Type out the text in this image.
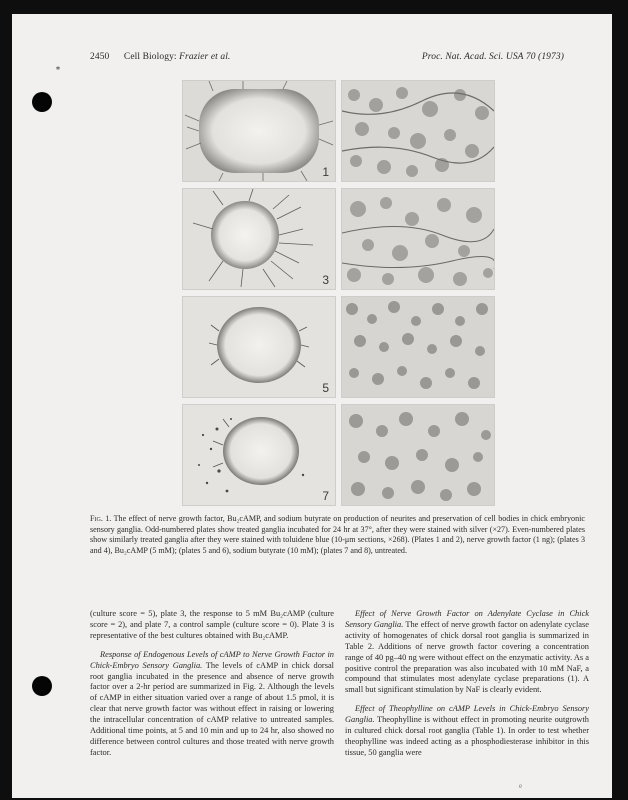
⁎
2450 Cell Biology: Frazier et al.	Proc. Nat. Acad. Sci. USA 70 (1973)
1
3
5
7
Fig. 1. The effect of nerve growth factor, Bu₂cAMP, and sodium butyrate on production of neurites and preservation of cell bodies in chick embryonic sensory ganglia. Odd-numbered plates show treated ganglia incubated for 24 hr at 37°, after they were stained with silver (×27). Even-numbered plates show similarly treated ganglia after they were stained with toluidene blue (10-μm sections, ×268). (Plates 1 and 2), nerve growth factor (1 ng); (plates 3 and 4), Bu₂cAMP (5 mM); (plates 5 and 6), sodium butyrate (10 mM); (plates 7 and 8), untreated.

(culture score = 5), plate 3, the response to 5 mM Bu₂cAMP (culture score = 2), and plate 7, a control sample (culture score = 0). Plate 3 is representative of the best cultures obtained with Bu₂cAMP.

Response of Endogenous Levels of cAMP to Nerve Growth Factor in Chick-Embryo Sensory Ganglia. The levels of cAMP in chick dorsal root ganglia incubated in the presence and absence of nerve growth factor over a 2-hr period are summarized in Fig. 2. Although the levels of cAMP in either situation varied over a range of about 1.5 pmol, it is clear that nerve growth factor was without effect in raising or lowering the intracellular concentration of cAMP relative to untreated samples. Additional time points, at 5 and 10 min and up to 24 hr, also showed no difference between control cultures and those treated with nerve growth factor.

Effect of Nerve Growth Factor on Adenylate Cyclase in Chick Sensory Ganglia. The effect of nerve growth factor on adenylate cyclase activity of homogenates of chick dorsal root ganglia is summarized in Table 2. Additions of nerve growth factor covering a concentration range of 40 pg–40 ng were without effect on the enzymatic activity. As a positive control the preparation was also incubated with 10 mM NaF, a compound that stimulates most adenylate cyclase preparations (1). A small but significant stimulation by NaF is clearly evident.

Effect of Theophylline on cAMP Levels in Chick-Embryo Sensory Ganglia. Theophylline is without effect in promoting neurite outgrowth in cultured chick dorsal root ganglia (Table 1). In order to test whether theophylline was indeed acting as a phosphodiesterase inhibitor in this tissue, 50 ganglia were

e
